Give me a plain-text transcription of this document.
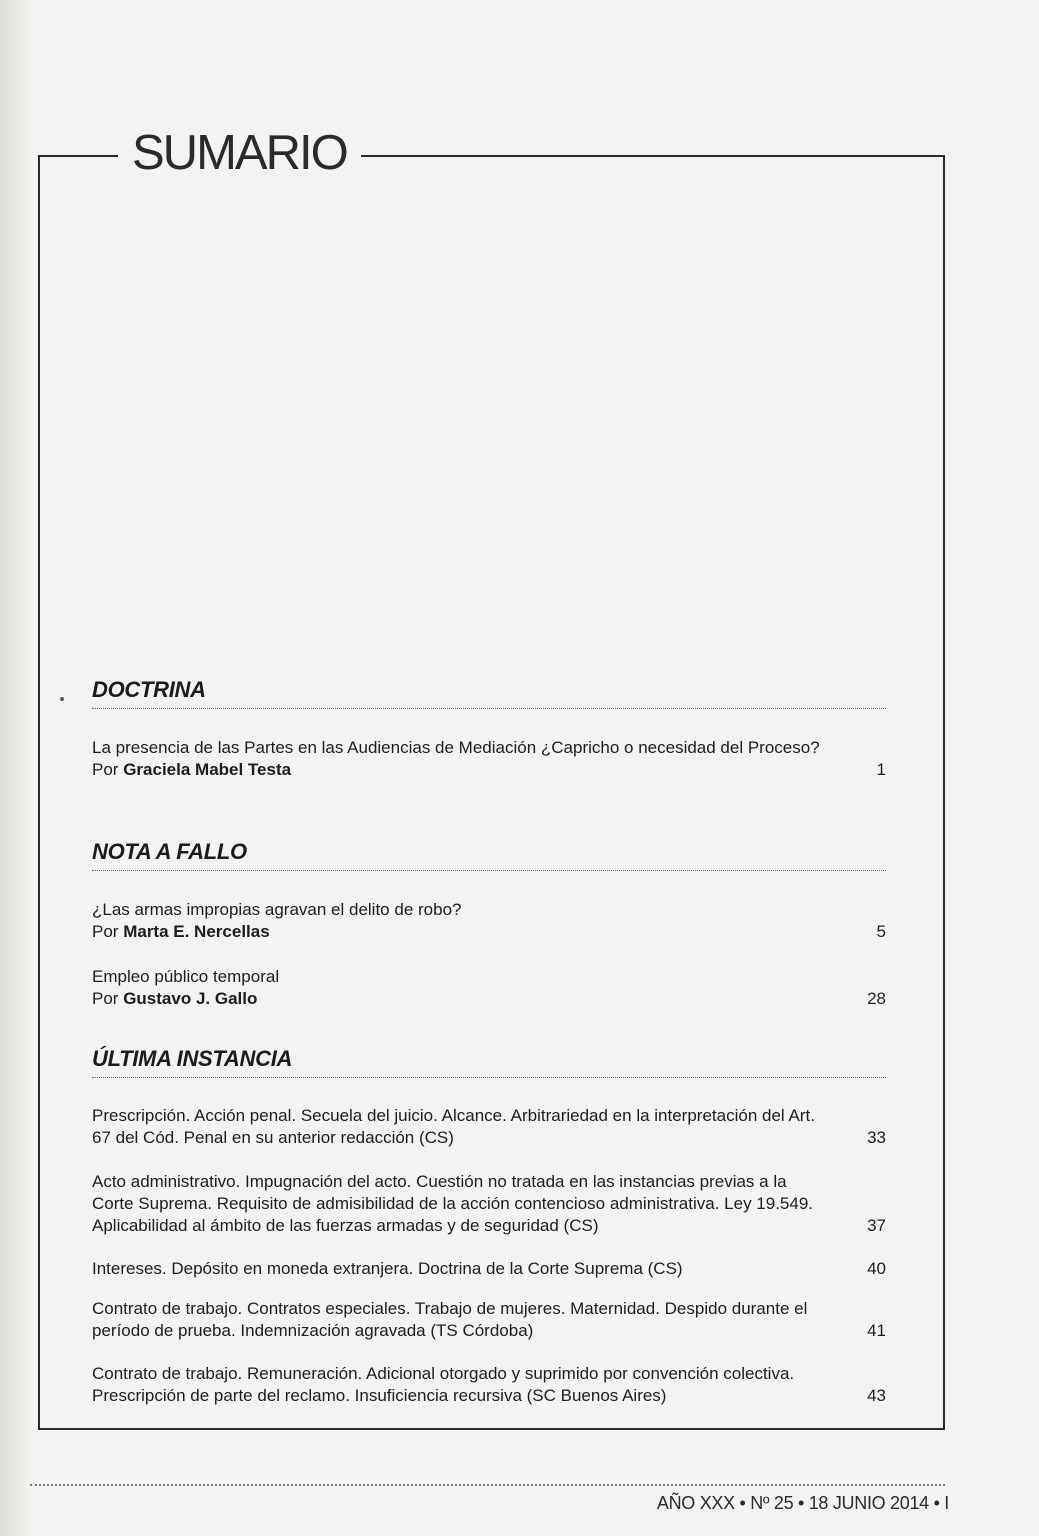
SUMARIO
DOCTRINA
La presencia de las Partes en las Audiencias de Mediación ¿Capricho o necesidad del Proceso?
Por Graciela Mabel Testa	1
NOTA A FALLO
¿Las armas impropias agravan el delito de robo?
Por Marta E. Nercellas	5
Empleo público temporal
Por Gustavo J. Gallo	28
ÚLTIMA INSTANCIA
Prescripción. Acción penal. Secuela del juicio. Alcance. Arbitrariedad en la interpretación del Art. 67 del Cód. Penal en su anterior redacción (CS)	33
Acto administrativo. Impugnación del acto. Cuestión no tratada en las instancias previas a la Corte Suprema. Requisito de admisibilidad de la acción contencioso administrativa. Ley 19.549. Aplicabilidad al ámbito de las fuerzas armadas y de seguridad (CS)	37
Intereses. Depósito en moneda extranjera. Doctrina de la Corte Suprema (CS)	40
Contrato de trabajo. Contratos especiales. Trabajo de mujeres. Maternidad. Despido durante el período de prueba. Indemnización agravada (TS Córdoba)	41
Contrato de trabajo. Remuneración. Adicional otorgado y suprimido por convención colectiva. Prescripción de parte del reclamo. Insuficiencia recursiva (SC Buenos Aires)	43
AÑO XXX • Nº 25 • 18 JUNIO 2014 • I
